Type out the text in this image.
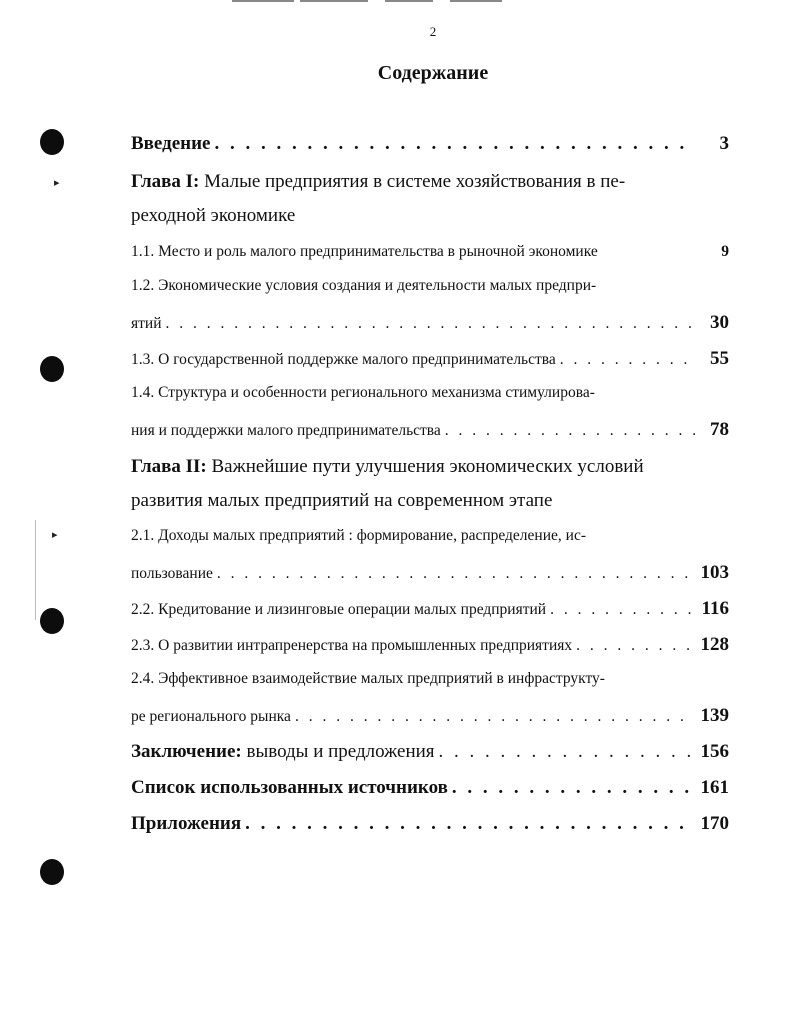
▸
▸
2
Содержание
Введение . . .	3
Глава I: Малые предприятия в системе хозяйствования в пе-
реходной экономике
1.1. Место и роль малого предпринимательства в рыночной экономике	9
1.2. Экономические условия создания и деятельности малых предпри-
ятий . . .	30
1.3. О государственной поддержке малого предпринимательства . . .	55
1.4. Структура и особенности регионального механизма стимулирова-
ния и поддержки малого предпринимательства . . .	78
Глава II: Важнейшие пути улучшения экономических условий
развития малых предприятий на современном этапе
2.1. Доходы малых предприятий : формирование, распределение, ис-
пользование . . .	103
2.2. Кредитование и лизинговые операции малых предприятий . . .	116
2.3. О развитии интрапренерства на промышленных предприятиях . . .	128
2.4. Эффективное взаимодействие малых предприятий в инфраструкту-
ре регионального рынка . . .	139
Заключение: выводы и предложения . . .	156
Список использованных источников . . .	161
Приложения . . .	170
